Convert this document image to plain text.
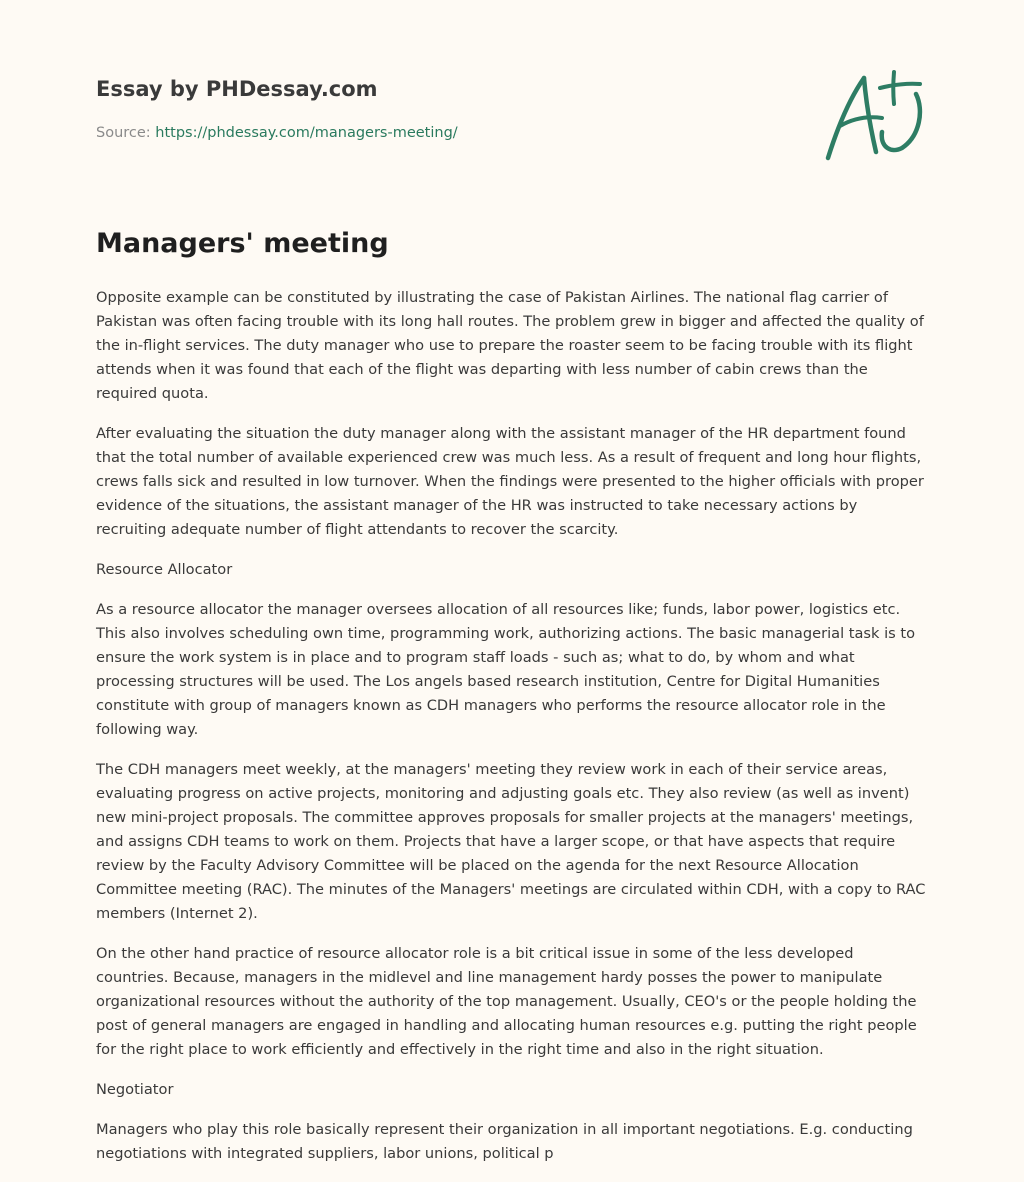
Essay by PHDessay.com
Source: https://phdessay.com/managers-meeting/
Managers' meeting

Opposite example can be constituted by illustrating the case of Pakistan Airlines. The national flag carrier of Pakistan was often facing trouble with its long hall routes. The problem grew in bigger and affected the quality of the in-flight services. The duty manager who use to prepare the roaster seem to be facing trouble with its flight attends when it was found that each of the flight was departing with less number of cabin crews than the required quota.

After evaluating the situation the duty manager along with the assistant manager of the HR department found that the total number of available experienced crew was much less. As a result of frequent and long hour flights, crews falls sick and resulted in low turnover. When the findings were presented to the higher officials with proper evidence of the situations, the assistant manager of the HR was instructed to take necessary actions by recruiting adequate number of flight attendants to recover the scarcity.

Resource Allocator

As a resource allocator the manager oversees allocation of all resources like; funds, labor power, logistics etc. This also involves scheduling own time, programming work, authorizing actions. The basic managerial task is to ensure the work system is in place and to program staff loads - such as; what to do, by whom and what processing structures will be used. The Los angels based research institution, Centre for Digital Humanities constitute with group of managers known as CDH managers who performs the resource allocator role in the following way.

The CDH managers meet weekly, at the managers' meeting they review work in each of their service areas, evaluating progress on active projects, monitoring and adjusting goals etc. They also review (as well as invent) new mini-project proposals. The committee approves proposals for smaller projects at the managers' meetings, and assigns CDH teams to work on them. Projects that have a larger scope, or that have aspects that require review by the Faculty Advisory Committee will be placed on the agenda for the next Resource Allocation Committee meeting (RAC). The minutes of the Managers' meetings are circulated within CDH, with a copy to RAC members (Internet 2).

On the other hand practice of resource allocator role is a bit critical issue in some of the less developed countries. Because, managers in the midlevel and line management hardy posses the power to manipulate organizational resources without the authority of the top management. Usually, CEO's or the people holding the post of general managers are engaged in handling and allocating human resources e.g. putting the right people for the right place to work efficiently and effectively in the right time and also in the right situation.

Negotiator

Managers who play this role basically represent their organization in all important negotiations. E.g. conducting negotiations with integrated suppliers, labor unions, political p
